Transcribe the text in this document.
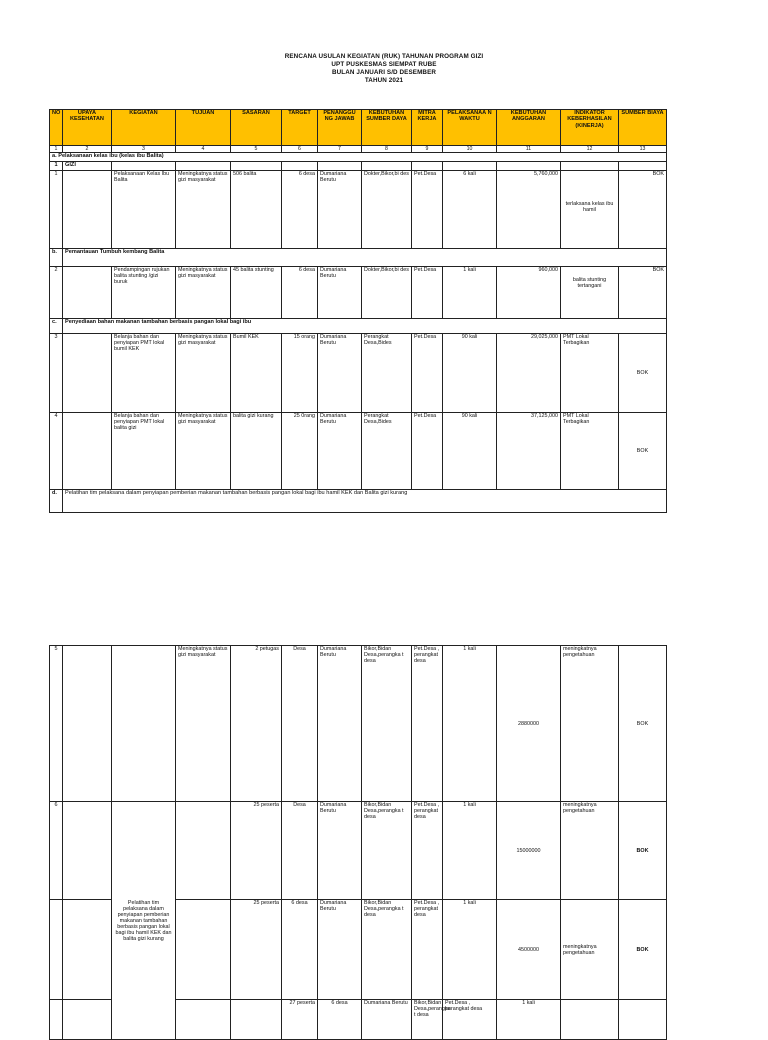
RENCANA USULAN KEGIATAN (RUK) TAHUNAN PROGRAM GIZI
UPT PUSKESMAS SIEMPAT RUBE
BULAN JANUARI S/D DESEMBER
TAHUN 2021
NO	UPAYA KESEHATAN	KEGIATAN	TUJUAN	SASARAN	TARGET	PENANGGU NG JAWAB	KEBUTUHAN SUMBER DAYA	MITRA KERJA	PELAKSANAA N WAKTU	KEBUTUHAN ANGGARAN	INDIKATOR KEBERHASILAN (KINERJA)	SUMBER BIAYA
1	2	3	4	5	6	7	8	9	10	11	12	13
a. Pelaksanaan kelas ibu (kelas ibu Balita)												
1	GIZI											
1		Pelaksanaan Kelas Ibu Balita	Meningkatnya status gizi masyarakat	506 balita	6 desa	Dumariana Berutu	Dokter,Bikor,bi des	Pet.Desa	6 kali	5,760,000	terlaksana kelas ibu hamil	BOK
b.	Pemantauan Tumbuh kembang Balita											
2		Pendampingan rujukan balita stunting /gizi buruk	Meningkatnya status gizi masyarakat	45 balita stunting	6 desa	Dumariana Berutu	Dokter,Bikor,bi des	Pet.Desa	1 kali	960,000	balita stunting tertangani	BOK
c.	Penyediaan bahan makanan tambahan berbasis pangan lokal bagi ibu											
3		Belanja bahan dan penyiapan PMT lokal bumil KEK	Meningkatnya status gizi masyarakat	Bumil KEK	15 orang	Dumariana Berutu	Perangkat Desa,Bides	Pet.Desa	90 kali	29,025,000	PMT Lokal Terbagikan	BOK
4		Belanja bahan dan penyiapan PMT lokal balita gizi	Meningkatnya status gizi masyarakat	balita gizi kurang	25 0rang	Dumariana Berutu	Perangkat Desa,Bides	Pet.Desa	90 kali	37,125,000	PMT Lokal Terbagikan	BOK
d.	Pelatihan tim pelaksana dalam penyiapan pemberian makanan tambahan berbasis pangan lokal bagi ibu hamil KEK dan Balita gizi kurang											
5			Meningkatnya status gizi masyarakat	2 petugas	Desa	Dumariana Berutu	Bikor,Bidan Desa,perangka t desa	Pet.Desa , perangkat desa	1 kali	2880000	meningkatnya pengetahuan	BOK	
6		Pelatihan tim pelaksana dalam penyiapan pemberian makanan tambahan berbasis pangan lokal bagi ibu hamil KEK dan balita gizi kurang		25 peserta	Desa	Dumariana Berutu	Bikor,Bidan Desa,perangka t desa	Pet.Desa , perangkat desa	1 kali	15000000	meningkatnya pengetahuan	BOK	
				25 peserta	6 desa	Dumariana Berutu	Bikor,Bidan Desa,perangka t desa	Pet.Desa , perangkat desa	1 kali	4500000	meningkatnya pengetahuan	BOK	
					27 peserta	6 desa	Dumariana Berutu	Bikor,Bidan Desa,perangka t desa	Pet.Desa , perangkat desa	1 kali			
